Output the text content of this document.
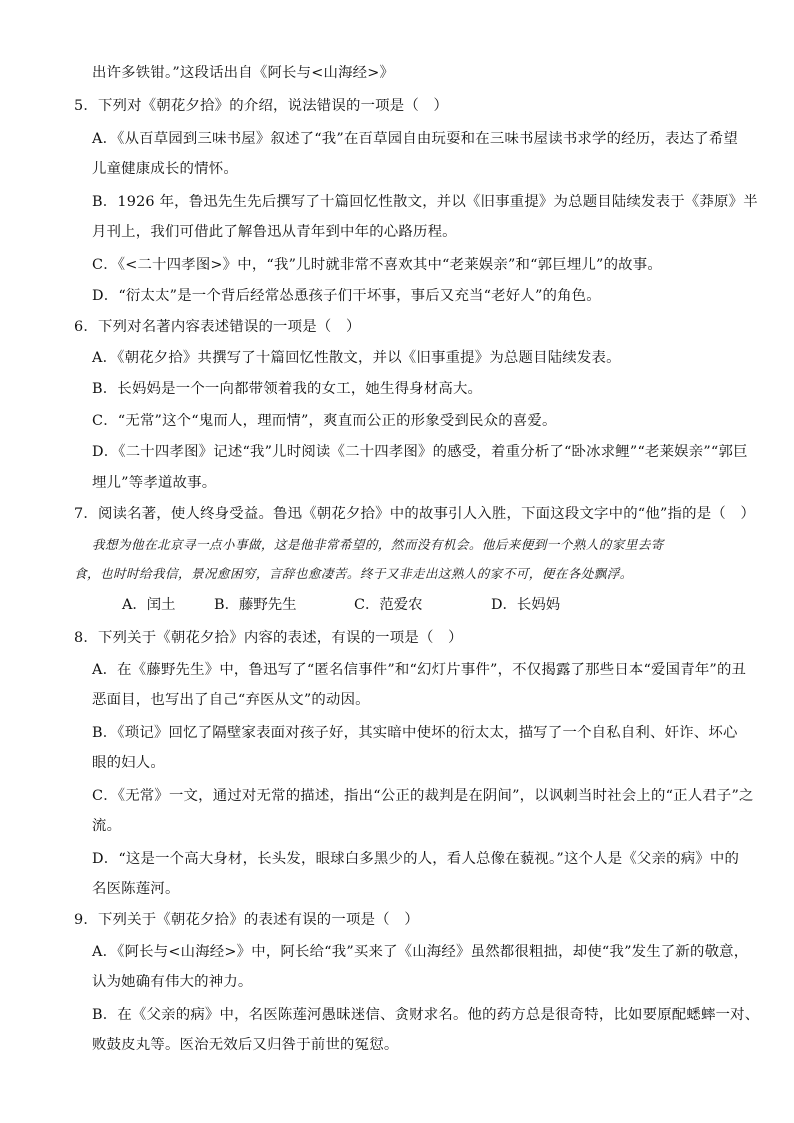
出许多铁钳。”这段话出自《阿长与<山海经>》
5．下列对《朝花夕拾》的介绍，说法错误的一项是（　）
A．《从百草园到三味书屋》叙述了“我”在百草园自由玩耍和在三味书屋读书求学的经历，表达了希望
儿童健康成长的情怀。
B．1926 年，鲁迅先生先后撰写了十篇回忆性散文，并以《旧事重提》为总题目陆续发表于《莽原》半
月刊上，我们可借此了解鲁迅从青年到中年的心路历程。
C．《<二十四孝图>》中，“我”儿时就非常不喜欢其中“老莱娱亲”和“郭巨埋儿”的故事。
D．“衍太太”是一个背后经常怂恿孩子们干坏事，事后又充当“老好人”的角色。
6．下列对名著内容表述错误的一项是（　）
A．《朝花夕拾》共撰写了十篇回忆性散文，并以《旧事重提》为总题目陆续发表。
B．长妈妈是一个一向都带领着我的女工，她生得身材高大。
C．“无常”这个“鬼而人，理而情”，爽直而公正的形象受到民众的喜爱。
D．《二十四孝图》记述“我”儿时阅读《二十四孝图》的感受，着重分析了“卧冰求鲤”“老莱娱亲”“郭巨
埋儿”等孝道故事。
7．阅读名著，使人终身受益。鲁迅《朝花夕拾》中的故事引人入胜，下面这段文字中的“他”指的是（　）
我想为他在北京寻一点小事做，这是他非常希望的，然而没有机会。他后来便到一个熟人的家里去寄
食，也时时给我信，景况愈困穷，言辞也愈凄苦。终于又非走出这熟人的家不可，便在各处飘浮。
A．闰土	B．藤野先生	C．范爱农	D．长妈妈
8．下列关于《朝花夕拾》内容的表述，有误的一项是（　）
A．在《藤野先生》中，鲁迅写了“匿名信事件”和“幻灯片事件”，不仅揭露了那些日本“爱国青年”的丑
恶面目，也写出了自己“弃医从文”的动因。
B．《琐记》回忆了隔壁家表面对孩子好，其实暗中使坏的衍太太，描写了一个自私自利、奸诈、坏心
眼的妇人。
C．《无常》一文，通过对无常的描述，指出“公正的裁判是在阴间”，以讽刺当时社会上的“正人君子”之
流。
D．“这是一个高大身材，长头发，眼球白多黑少的人，看人总像在藐视。”这个人是《父亲的病》中的
名医陈莲河。
9．下列关于《朝花夕拾》的表述有误的一项是（　）
A．《阿长与<山海经>》中，阿长给“我”买来了《山海经》虽然都很粗拙，却使“我”发生了新的敬意，
认为她确有伟大的神力。
B．在《父亲的病》中，名医陈莲河愚昧迷信、贪财求名。他的药方总是很奇特，比如要原配蟋蟀一对、
败鼓皮丸等。医治无效后又归咎于前世的冤愆。
